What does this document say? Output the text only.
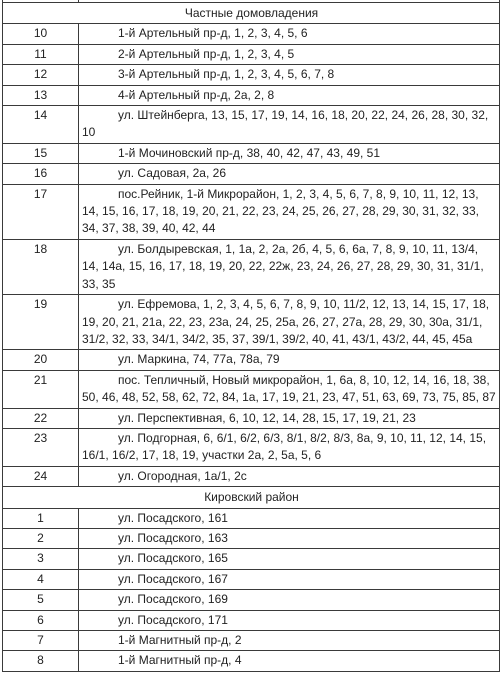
Частные домовладения	
10	1-й Артельный пр-д, 1, 2, 3, 4, 5, 6
11	2-й Артельный пр-д, 1, 2, 3, 4, 5
12	3-й Артельный пр-д, 1, 2, 3, 4, 5, 6, 7, 8
13	4-й Артельный пр-д, 2а, 2, 8
14	ул. Штейнберга, 13, 15, 17, 19, 14, 16, 18, 20, 22, 24, 26, 28, 30, 32, 10
15	1-й Мочиновский пр-д, 38, 40, 42, 47, 43, 49, 51
16	ул. Садовая, 2а, 26
17	пос.Рейник, 1-й Микрорайон, 1, 2, 3, 4, 5, 6, 7, 8, 9, 10, 11, 12, 13, 14, 15, 16, 17, 18, 19, 20, 21, 22, 23, 24, 25, 26, 27, 28, 29, 30, 31, 32, 33, 34, 37, 38, 39, 40, 42, 44
18	ул. Болдыревская, 1, 1а, 2, 2а, 2б, 4, 5, 6, 6а, 7, 8, 9, 10, 11, 13/4, 14, 14а, 15, 16, 17, 18, 19, 20, 22, 22ж, 23, 24, 26, 27, 28, 29, 30, 31, 31/1, 33, 35
19	ул. Ефремова, 1, 2, 3, 4, 5, 6, 7, 8, 9, 10, 11/2, 12, 13, 14, 15, 17, 18, 19, 20, 21, 21а, 22, 23, 23а, 24, 25, 25а, 26, 27, 27а, 28, 29, 30, 30а, 31/1, 31/2, 32, 33, 34/1, 34/2, 35, 37, 39/1, 39/2, 40, 41, 43/1, 43/2, 44, 45, 45а
20	ул. Маркина, 74, 77а, 78а, 79
21	пос. Тепличный, Новый микрорайон, 1, 6а, 8, 10, 12, 14, 16, 18, 38, 50, 46, 48, 52, 58, 62, 72, 84, 1а, 17, 19, 21, 23, 47, 51, 63, 69, 73, 75, 85, 87
22	ул. Перспективная, 6, 10, 12, 14, 28, 15, 17, 19, 21, 23
23	ул. Подгорная, 6, 6/1, 6/2, 6/3, 8/1, 8/2, 8/3, 8а, 9, 10, 11, 12, 14, 15, 16/1, 16/2, 17, 18, 19, участки 2а, 2, 5а, 5, 6
24	ул. Огородная, 1а/1, 2с
Кировский район	
1	ул. Посадского, 161
2	ул. Посадского, 163
3	ул. Посадского, 165
4	ул. Посадского, 167
5	ул. Посадского, 169
6	ул. Посадского, 171
7	1-й Магнитный пр-д, 2
8	1-й Магнитный пр-д, 4
